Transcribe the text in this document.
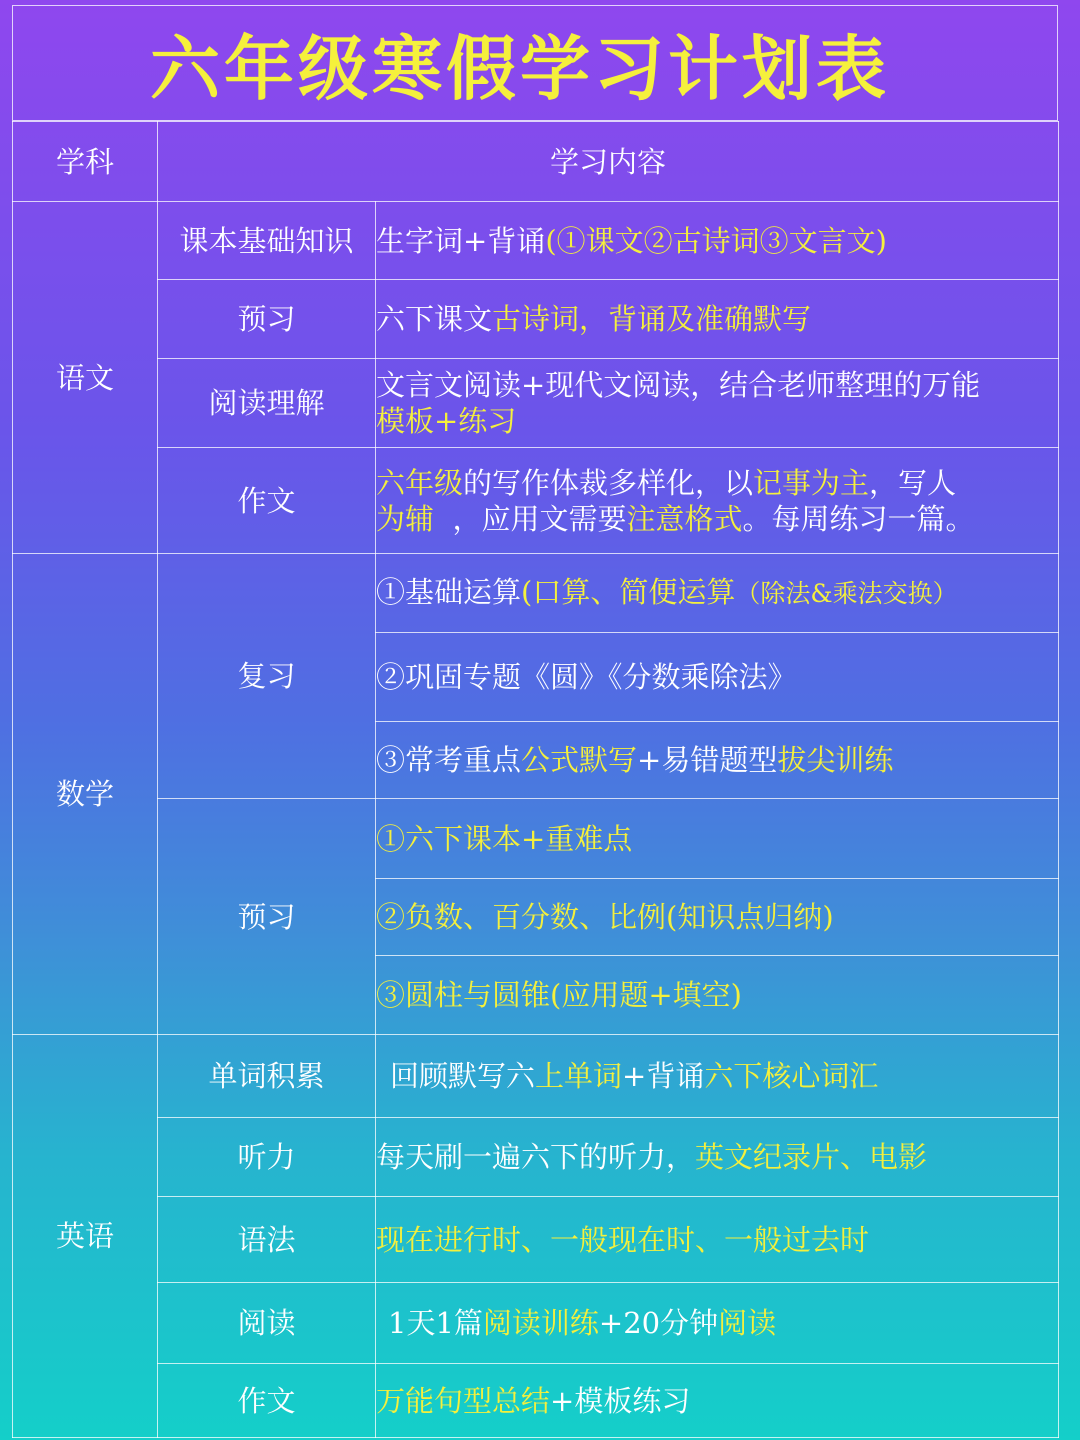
六年级寒假学习计划表
学科	学习内容	
语文	课本基础知识	生字词+背诵(①课文②古诗词③文言文)
	预习	六下课文古诗词，背诵及准确默写
	阅读理解	文言文阅读+现代文阅读，结合老师整理的万能
模板+练习
	作文	六年级的写作体裁多样化，以记事为主，写人
为辅  ，应用文需要注意格式。每周练习一篇。
数学	复习	①基础运算(口算、简便运算（除法&乘法交换）
		②巩固专题《圆》《分数乘除法》
		③常考重点公式默写+易错题型拔尖训练
	预习	①六下课本+重难点
		②负数、百分数、比例(知识点归纳)
		③圆柱与圆锥(应用题+填空)
英语	单词积累	回顾默写六上单词+背诵六下核心词汇
	听力	每天刷一遍六下的听力，英文纪录片、电影
	语法	现在进行时、一般现在时、一般过去时
	阅读	1天1篇阅读训练+20分钟阅读
	作文	万能句型总结+模板练习
